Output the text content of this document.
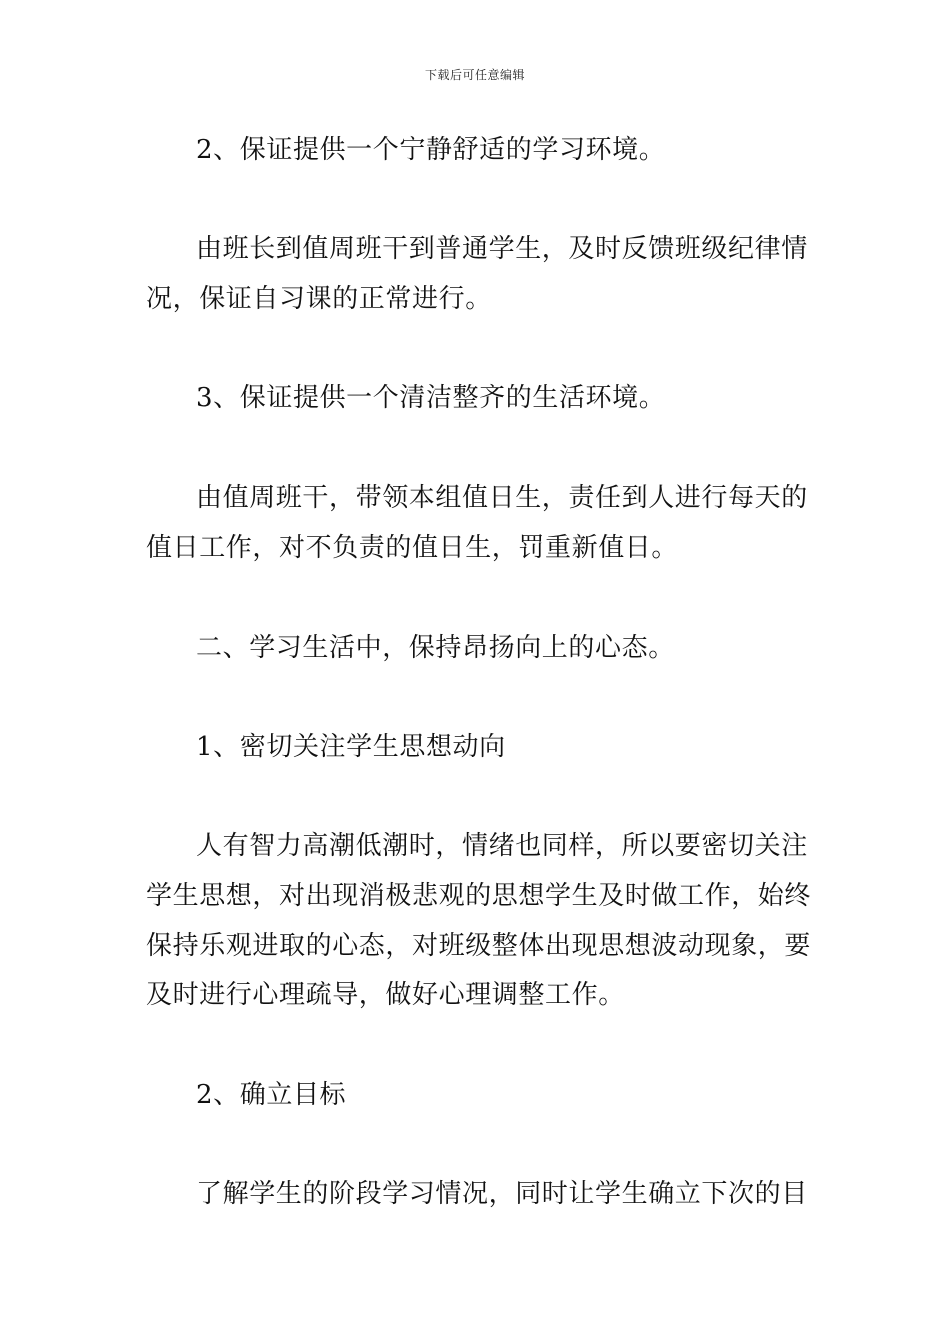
下载后可任意编辑
2、保证提供一个宁静舒适的学习环境。
由班长到值周班干到普通学生，及时反馈班级纪律情
况，保证自习课的正常进行。
3、保证提供一个清洁整齐的生活环境。
由值周班干，带领本组值日生，责任到人进行每天的
值日工作，对不负责的值日生，罚重新值日。
二、学习生活中，保持昂扬向上的心态。
1、密切关注学生思想动向
人有智力高潮低潮时，情绪也同样，所以要密切关注
学生思想，对出现消极悲观的思想学生及时做工作，始终
保持乐观进取的心态，对班级整体出现思想波动现象，要
及时进行心理疏导，做好心理调整工作。
2、确立目标
了解学生的阶段学习情况，同时让学生确立下次的目
